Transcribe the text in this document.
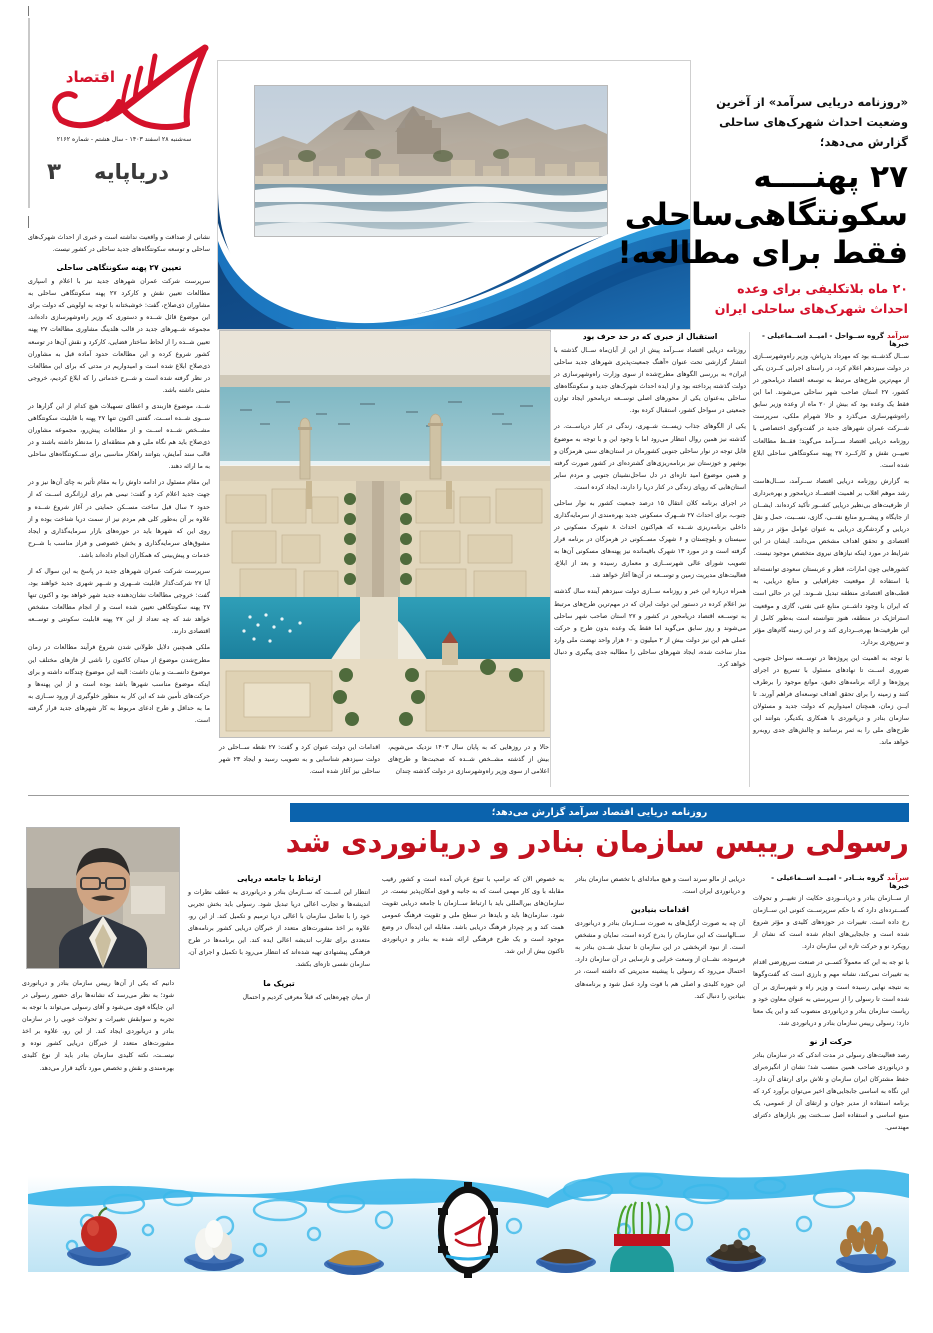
اقتصاد
سه‌شنبه ۲۸ اسفند ۱۴۰۳ - سال هشتم - شماره ۲۱۶۲
دریاپایه
۳
«روزنامه دریایی سرآمد» از آخرین وضعیت احداث شهرک‌های ساحلی گزارش می‌دهد؛
۲۷ پهنــــه
سکونتگاهی‌ساحلی
فقط برای مطالعه!
۲۰ ماه بلاتکلیفی برای وعده احداث شهرک‌های ساحلی ایران
نشانی از صداقت و واقعیت نداشته است و خبری از احداث شهرک‌های ساحلی و توسعه سکونتگاه‌های جدید ساحلی در کشور نیست.
تعیین ۲۷ پهنه سکونتگاهی ساحلی

سرپرست شرکت عمران شهرهای جدید نیز با اعلام و اسپاری مطالعات تعیین نقش و کارکرد ۲۷ پهنه سکونتگاهی ساحلی به مشاوران ذی‌صلاح، گفت: خوشبختانه با توجه به اولویتی که دولت برای این موضوع قائل شــده و دستوری که وزیر راه‌وشهرسازی داده‌اند، مجموعه شــهرهای جدید در قالب هلدینگ مشاوری مطالعات ۲۷ پهنه تعیین شــده را از لحاظ ساختار فضایی، کارکرد و نقش آن‌ها در توسعه کشور شروع کرده و این مطالعات حدود آماده قبل به مشاوران ذی‌صلاح ابلاغ شده است و امیدواریم در مدتی که برای این مطالعات در نظر گرفته شده است و شــرح خدماتی را که ابلاغ کردیم، خروجی مثبتی داشته باشد.

شــد، موضوع فازبندی و اعطای تسهیلات هیچ کدام از این گزارها در ســوی شــده اســت. گفتنی اکنون تنها ۲۷ پهنه با قابلیت سکونتگاهی مشــخص شــده اســت و از مطالعات پیش‌رو، مجموعه مشاوران ذی‌صلاح باید هم نگاه ملی و هم منطقه‌ای را مدنظر داشته باشند و در قالب سند آمایش، بتوانند راهکار مناسبی برای ســکونتگاه‌های ساحلی به ما ارائه دهند.

این مقام مسئول در ادامه داوش را به مقام تأثیر به چای آن‌ها نیز و در جهت جدید اعلام کرد و گفت: نیمی هم برای ارزانگری اســت که از حدود ۲ سال قبل ساخت مســکن حمایتی در آغاز شروع شــده و علاوه بر آن به‌طور کلی هم مردم نیز از سمت دریا شناخت بوده و از روی این که شهرها باید در حوزه‌های بازار سرمایه‌گذاری و ایجاد مشوق‌های سرمایه‌گذاری و بخش خصوصی و فراز مناسب با شــرح خدمات و پیش‌بینی که همکاران انجام داده‌اند باشد.

سرپرست شرکت عمران شهرهای جدید در پاسخ به این سوال که از آیا ۲۷ شرکت‌گذار قابلیت شــهری و شــهر شهری جدید خواهند بود، گفت: خروجی مطالعات نشان‌دهنده جدید شهر خواهد بود و اکنون تنها ۲۷ پهنه سکونتگاهی تعیین شده است و از انجام مطالعات مشخص خواهد شد که چه تعداد از این ۲۷ پهنه قابلیت سکونتی و توســعه اقتصادی دارند.

ملکی همچنین دلایل طولانی شدن شروع فرآیند مطالعات در زمان مطرح‌شدن موضوع از میدان کاکنون را ناشی از فازهای مختلف این موضوع دانســت و بیان داشت: البته این موضوع چندگانه داشته و برای اینکه موضوع مناسب شهرها باشد بوده است و از این پهنه‌ها و حرکت‌های تأمین شد که این کار به منظور خلوگیری از ورود ســازی به ما به حداقل و طرح ادعای مربوط به کار شهرهای جدید قرار گرفته است.

حالا و در روزهایی که به پایان سال ۱۴۰۳ نزدیک می‌شویم، بیش از گذشته مشــخص شــده که صحبت‌ها و طرح‌های اعلامی از سوی وزیر راه‌وشهرسازی در دولت گذشته چندان
اقدامات این دولت عنوان کرد و گفت: ۲۷ نقطه ســاحلی در دولت سیزدهم شناسایی و به تصویب رسید و ایجاد ۲۳ شهر ساحلی نیز آغاز شده است.
استقبال از خبری که در حد حرف بود

روزنامه دریایی اقتصاد ســرآمد پیش از این از آبان‌ماه ســال گذشته با انتشار گزارشی تحت عنوان «آهنگ جمعیت‌پذیری شهرهای جدید ساحلی ایران» به بررسی الگوهای مطرح‌شده از سوی وزارت راه‌وشهرسازی در دولت گذشته پرداخته بود و از ایده احداث شهرک‌های جدید و سکونتگاه‌های ساحلی به‌عنوان یکی از محورهای اصلی توســعه دریامحور ایجاد توازن جمعیتی در سواحل کشور، استقبال کرده بود.

یکی از الگوهای جذاب زیســت شــهری، زندگی در کنار دریاســت. در گذشته نیز همین روال انتظار می‌رود اما با وجود این و با توجه به موضوع قابل توجه در نوار ساحلی جنوبی کشورمان در استان‌های سنی هرمزگان و بوشهر و خوزستان نیز برنامه‌ریزی‌های گشترده‌ای در کشور صورت گرفته و همین موضوع امید تازه‌ای در دل ساحل‌نشینان جنوبی و مردم سایر استان‌هایی که رویای زندگی در کنار دریا را دارند، ایجاد کرده است.

در اجرای برنامه کلان انتقال ۱۵ درصد جمعیت کشور به نوار ساحلی جنوب، برای احداث ۲۷ شــهرک مسکونی جدید بهره‌مندی از سرمایه‌گذاری داخلی برنامه‌ریزی شــده که هم‌اکنون احداث ۸ شهرک مسکونی در سیستان و بلوچستان و ۶ شهرک مســکونی در هرمزگان در برنامه قرار گرفته است و در مورد ۱۳ شهرک باقیمانده نیز پهنه‌های مسکونی آن‌ها به تصویب شورای عالی شهرســازی و معماری رسیده و بعد از ابلاغ، فعالیت‌های مدیریت زمین و توســعه در آن‌ها آغاز خواهد شد.

همراه درباره این خبر و روزنامه ســازی دولت سیزدهم آینده سال گذشته نیز اعلام کرده در دستور این دولت ایران که در مهم‌ترین طرح‌های مرتبط به توســعه اقتصاد دریامحور در کشور و ۲۷ استان صاحب شهر ساحلی می‌شوند و روز سابق می‌گوید اما فقط یک وعده بدون طرح و حرکت عملی هم این نیز دولت بیش از ۲ میلیون و ۶۰ هزار واحد نهضت ملی وارد مدار ساخت شده، ایجاد شهرهای ساحلی را مطالبه جدی پیگیری و دنبال خواهد کرد.

سرآمدگروه ســواحل - امیــد اســماعیلی - خبرها

ســال گذشــته بود که مهرداد بذرپاش، وزیر راه‌وشهرســازی در دولت سیزدهم اعلام کرد، در راستای اجرایی کــردن یکی از مهم‌ترین طرح‌های مرتبط به توسعه اقتصاد دریامحور در کشور، ۲۷ استان صاحب شهر ساحلی می‌شوند. اما این فقط یک وعده بود که بیش از ۲۰ ماه از وعده وزیر سابق راه‌وشهرسازی می‌گذرد و حالا شهرام ملکی، سرپرست شــرکت عمران شهرهای جدید در گفت‌وگوی اختصاصی با روزنامه دریایی اقتصاد ســرآمد می‌گوید: فقــط مطالعات تعییــن نقش و کارکــرد ۲۷ پهنه سکونتگاهی ساحلی ابلاغ شده است.

به گزارش روزنامه دریایی اقتصاد ســرآمد، ســال‌هاست رشد موهم اقلاب بر اهمیت اقتصــاد دریامحور و بهره‌برداری از ظرفیت‌های بی‌نظیر دریایی کشــور تأکید کرده‌اند. ایشــان از جایگاه و پیشــرو منابع نفتــی، گازی، نســبت، حمل و نقل دریایی و گردشگری دریایی به عنوان عوامل مؤثر در رشد اقتصادی و تحقق اهداف مشخص می‌دانند. ایشان در این شرایط در مورد اینکه نیازهای نیروی متخصص موجود نیست.

کشورهایی چون امارات، قطر و عربستان سعودی توانسته‌اند با استفاده از موقعیت جغرافیایی و منابع دریایی، به قطب‌های اقتصادی منطقه تبدیل شــوند. این در حالی است که ایران با وجود داشــتن منابع غنی نفتی، گازی و موقعیت استراتژیک در منطقه، هنوز نتوانسته است به‌طور کامل از این ظرفیت‌ها بهره‌بــرداری کند و در این زمینه گام‌های مؤثر و سریع‌تری بردارد.

با توجه به اهمیت این پروژه‌ها در توســعه سواحل جنوبی، ضروری اســت تا نهادهای مسئول با تسریع در اجرای پروژه‌ها و ارائه برنامه‌های دقیق، موانع موجود را برطرف کنند و زمینه را برای تحقق اهداف توسعه‌ای فراهم آورند. تا ایــن زمان، همچنان امیدواریم که دولت جدید و مسئولان سازمان بنادر و دریانوردی با همکاری یکدیگر، بتوانند این طرح‌های ملی را به ثمر برسانند و چالش‌های جدی روبه‌رو خواهد ماند.

روزنامه دریایی اقتصاد سرآمد گزارش می‌دهد؛
رسولی رییس سازمان بنادر و دریانوردی شد

دانیم که یکی از آن‌ها رییس سازمان بنادر و دریانوردی شود؛ به نظر می‌رسد که نشانه‌ها برای حضور رسولی در این جایگاه قوی می‌شود و آقای رسولی می‌تواند با توجه به تجربه و سوابقش تغییرات و تحولات خوبی را در سازمان بنادر و دریانوردی ایجاد کند. از این رو، علاوه بر اخذ مشورت‌های متعدد از خبرگان دریایی کشور نوده و نیســت، نکته کلیدی سازمان بنادر باید از نوع کلیدی بهره‌مندی و نقش و تخصص مورد تأکید قرار می‌دهد.

ارتباط با جامعه دریایی

انتظار این اســت که ســازمان بنادر و دریانوردی به عطف نظرات و اندیشه‌ها و تجارب اعالی دریا تبدیل شود. رسولی باید بخش تجربی خود را با تعامل سازمان با اعالی دریا ترمیم و تکمیل کند. از این رو، علاوه بر اخذ مشورت‌های متعدد از خبرگان دریایی کشور برنامه‌های متعددی برای تقارب اندیشه اعالی ایده کند. این برنامه‌ها در طرح فرهنگی پیشنهادی تهیه شده‌اند که انتظار می‌رود با تکمیل و اجرای آن، سازمان نفسی تازه‌ای بکشد.

تبریک ما

از میان چهره‌هایی که قبلاً معرفی کردیم و احتمال

به خصوص الان که ترامپ با تنوع عربان آمده است و کشور رقیب مقابله با وی کار مهمی است که به جانبه و قوی امکان‌پذیر نیست. در سازمان‌های بین‌المللی باید با ارتباط ســازمان با جامعه دریایی تقویت شود. سازمان‌ها باید و بایدها در سطح ملی و تقویت فرهنگ عمومی همت کند و پر چم‌دار فرهنگ دریایی باشد. مقابله این ایده‌آل در وضع موجود است و یک طرح فرهنگی ارائه شده به بنادر و دریانوردی تاکنون بیش از این شد.

دریایی از مالو سرند است و هیچ مبادله‌ای با تخصص سازمان بنادر و دریانوردی ایران است.

اقدامات بنیادین

آن چه به صورت ارگیل‌های به صورت ســازمان بنادر و دریانوردی ســالهاست که این سازمان را بدرخ کرده است، نمایان و مشخص است. از نبود اثربخشی در این سازمان تا تبدیل شــدن بنادر به فرسوده، نشــان از وسعت خرابی و نارسایی در آن سازمان دارد. احتمال می‌رود که رسولی با پیشینه مدیریتی که داشته است، در این حوزه کلیدی و اصلی هم با قوت وارد عمل شود و برنامه‌های بنیادین را دنبال کند.

سرآمدگروه بنــادر - امیــد اســماعیلی - خبرها

از ســازمان بنادر و دریانــوردی حکایت از تغییــر و تحولات گســترده‌ای دارد که با حکم سرپرســت کنونی این ســازمان رخ داده است. تغییرات در حوزه‌های کلیدی و مؤثر شروع شده است و جابجایی‌های انجام شده است که نشان از رویکرد نو و حرکت تازه این سازمان دارد.

با تو جه به این که معمولاً کســی در صنعت سریع‌رضی اقدام به تغییرات نمی‌کند، نشانه مهم و بارزی است که گفت‌وگوها به نتیجه نهایی رسیده است و وزیر راه و شهرسازی بر آن شده است تا رسولی را از سرپرستی به عنوان معاون خود و ریاست سازمان بنادر و دریانوردی منصوب کند و این یک معنا دارد: رسولی رییس سازمان بنادر و دریانوردی شد.

حرکت از نو

رصد فعالیت‌های رسولی در مدت اندکی که در سازمان بنادر و دریانوردی صاحب همین منصب شد؛ نشان از انگیزه‌برای حفظ مشترکان ایران سازمان و تلاش برای ارتقای آن دارد. این نگاه به اساسی جابجایی‌های اخیر می‌توان برآورد کرد که برنامه استفاده از مدیر جوان و ارتقای آن از عمومی، یک منبع اساسی و استفاده اصل ســخنت پور بازارهای دکترای مهندسی.
